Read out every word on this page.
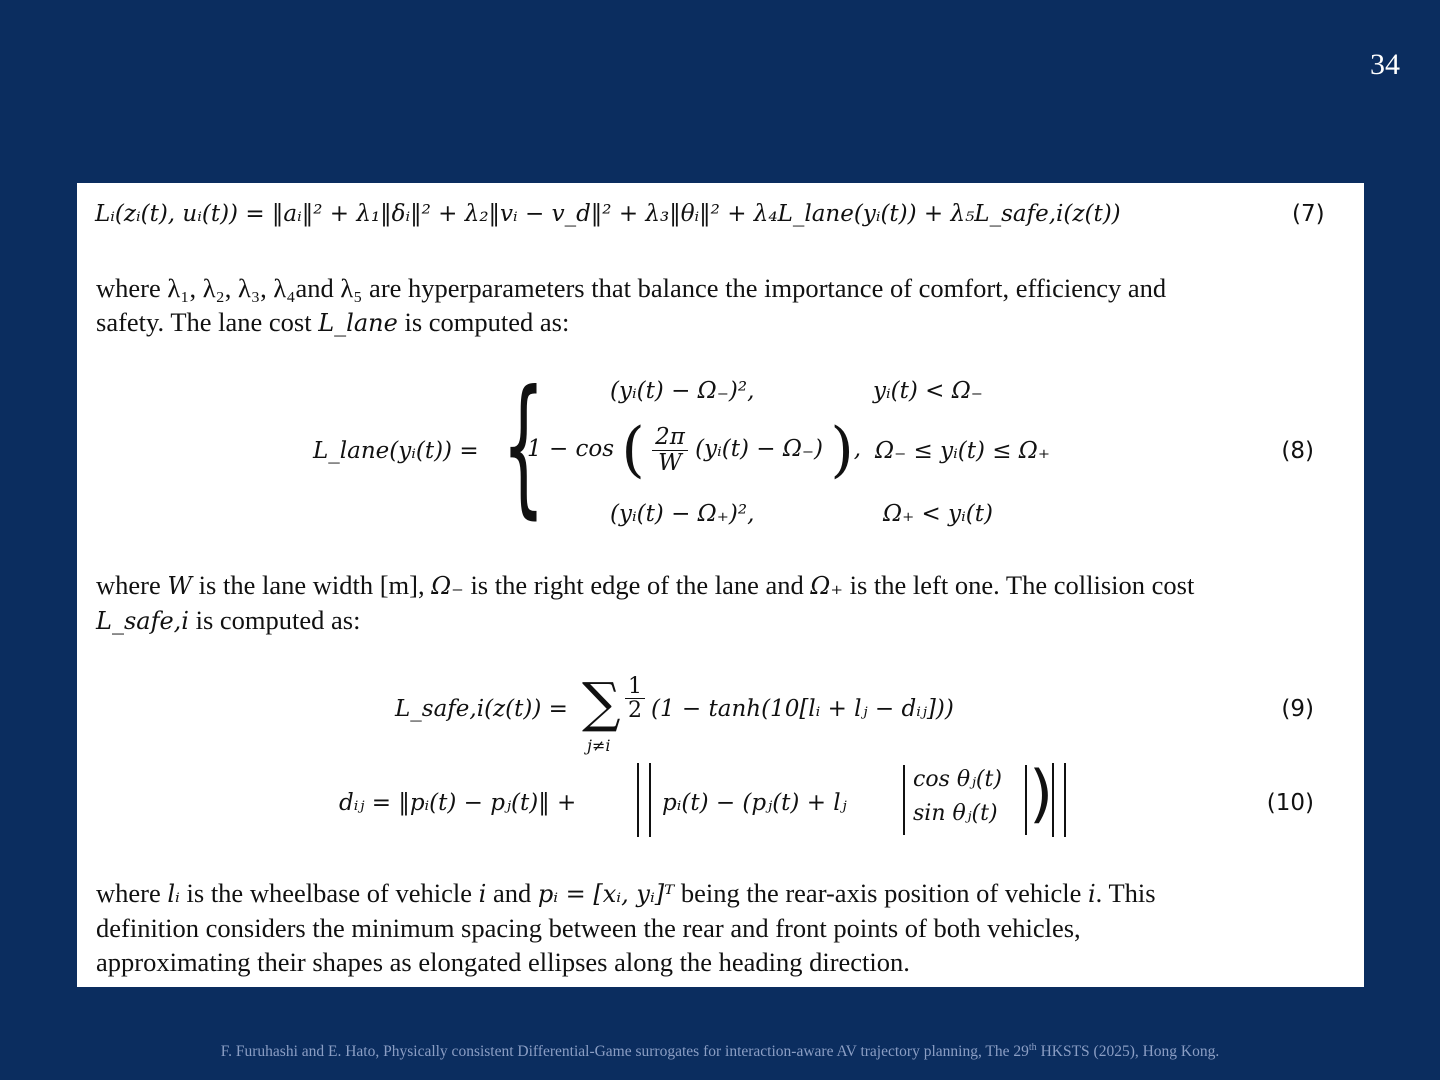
34
Lᵢ(zᵢ(t), uᵢ(t)) = ‖aᵢ‖² + λ₁‖δᵢ‖² + λ₂‖vᵢ − v_d‖² + λ₃‖θᵢ‖² + λ₄L_lane(yᵢ(t)) + λ₅L_safe,i(z(t))	(7)
where λ₁, λ₂, λ₃, λ₄and λ₅ are hyperparameters that balance the importance of comfort, efficiency and
safety. The lane cost L_lane is computed as:
L_lane(yᵢ(t)) = {	(yᵢ(t) − Ω₋)²,	yᵢ(t) < Ω₋
1 − cos ( $\frac{2\pi}{W}$ (yᵢ(t) − Ω₋) ), Ω₋ ≤ yᵢ(t) ≤ Ω₊
(yᵢ(t) − Ω₊)²,	Ω₊ < yᵢ(t)
(8)
where W is the lane width [m], Ω₋ is the right edge of the lane and Ω₊ is the left one. The collision cost
L_safe,i is computed as:
L_safe,i(z(t)) = ∑
j≠i
$\frac{1}{2} (1$ − tanh(10[lᵢ + lⱼ − dᵢⱼ]))	(9)
dᵢⱼ = ‖pᵢ(t) − pⱼ(t)‖ +	pᵢ(t) − (pⱼ(t) + lⱼ
cos θⱼ(t)
sin θⱼ(t) )	(10)
where lᵢ is the wheelbase of vehicle i and pᵢ = [xᵢ, yᵢ]ᵀ being the rear-axis position of vehicle i. This
definition considers the minimum spacing between the rear and front points of both vehicles,
approximating their shapes as elongated ellipses along the heading direction.
F. Furuhashi and E. Hato, Physically consistent Differential-Game surrogates for interaction-aware AV trajectory planning, The 29th HKSTS (2025), Hong Kong.
